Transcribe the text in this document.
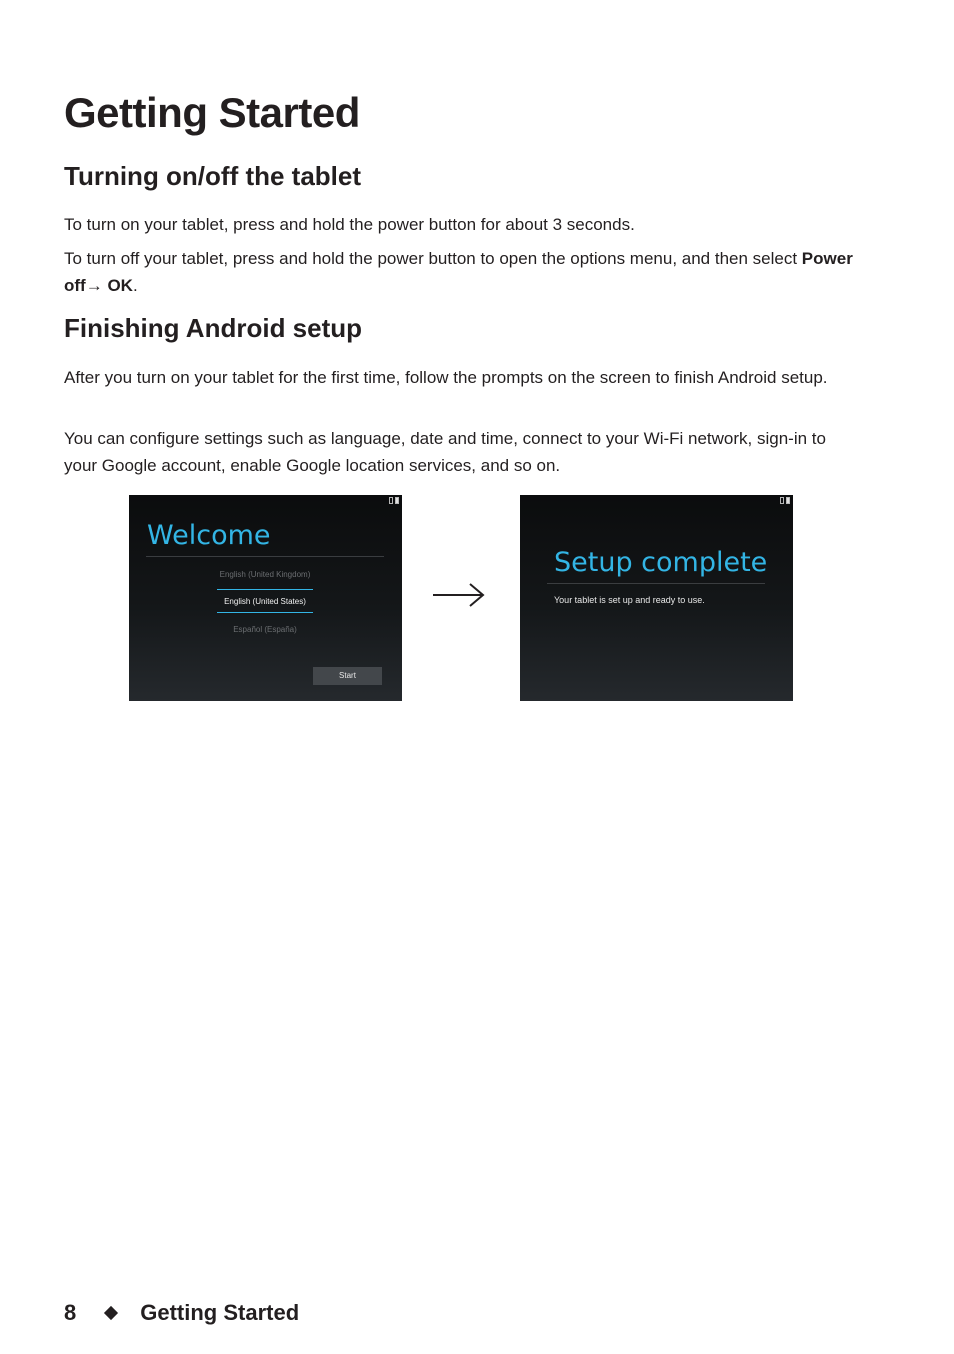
Getting Started
Turning on/off the tablet

To turn on your tablet, press and hold the power button for about 3 seconds.

To turn off your tablet, press and hold the power button to open the options menu, and then select Power off→ OK.

Finishing Android setup

After you turn on your tablet for the first time, follow the prompts on the screen to finish Android setup.

You can configure settings such as language, date and time, connect to your Wi-Fi network, sign-in to your Google account, enable Google location services, and so on.

Welcome
English (United Kingdom)
English (United States)
Español (España)
Start
Setup complete
Your tablet is set up and ready to use.
8	Getting Started
